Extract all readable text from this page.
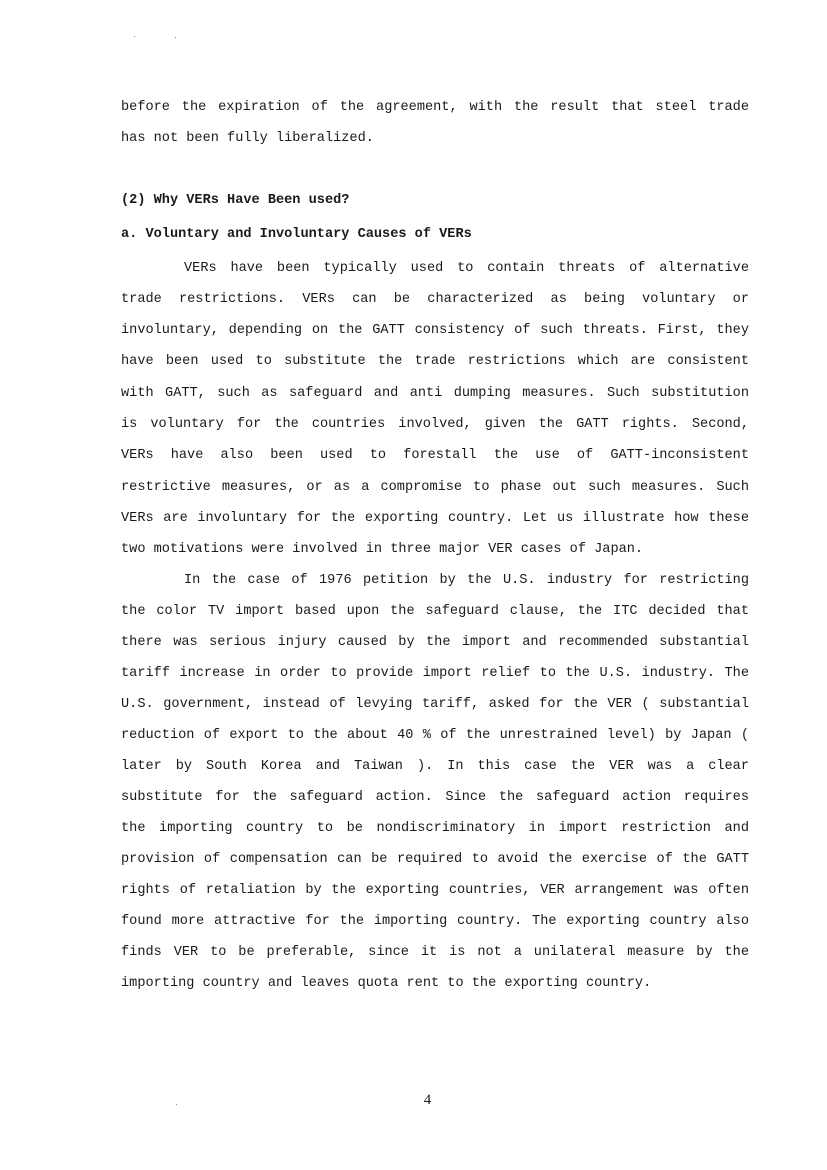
before the expiration of the agreement, with the result that steel trade
has not been fully liberalized.
(2) Why VERs Have Been used?
a. Voluntary and Involuntary Causes of VERs
VERs have been typically used to contain threats of alternative
trade restrictions. VERs can be characterized as being voluntary or
involuntary, depending on the GATT consistency of such threats. First, they
have been used to substitute the trade restrictions which are consistent
with GATT, such as safeguard and anti dumping measures. Such substitution
is voluntary for the countries involved, given the GATT rights. Second,
VERs have also been used to forestall the use of GATT-inconsistent
restrictive measures, or as a compromise to phase out such measures. Such
VERs are involuntary for the exporting country. Let us illustrate how these
two motivations were involved in three major VER cases of Japan.
In the case of 1976 petition by the U.S. industry for restricting
the color TV import based upon the safeguard clause, the ITC decided that
there was serious injury caused by the import and recommended substantial
tariff increase in order to provide import relief to the U.S. industry. The
U.S. government, instead of levying tariff, asked for the VER ( substantial
reduction of export to the about 40 % of the unrestrained level) by Japan (
later by South Korea and Taiwan ). In this case the VER was a clear
substitute for the safeguard action. Since the safeguard action requires
the importing country to be nondiscriminatory in import restriction and
provision of compensation can be required to avoid the exercise of the GATT
rights of retaliation by the exporting countries, VER arrangement was often
found more attractive for the importing country. The exporting country also
finds VER to be preferable, since it is not a unilateral measure by the
importing country and leaves quota rent to the exporting country.
4
